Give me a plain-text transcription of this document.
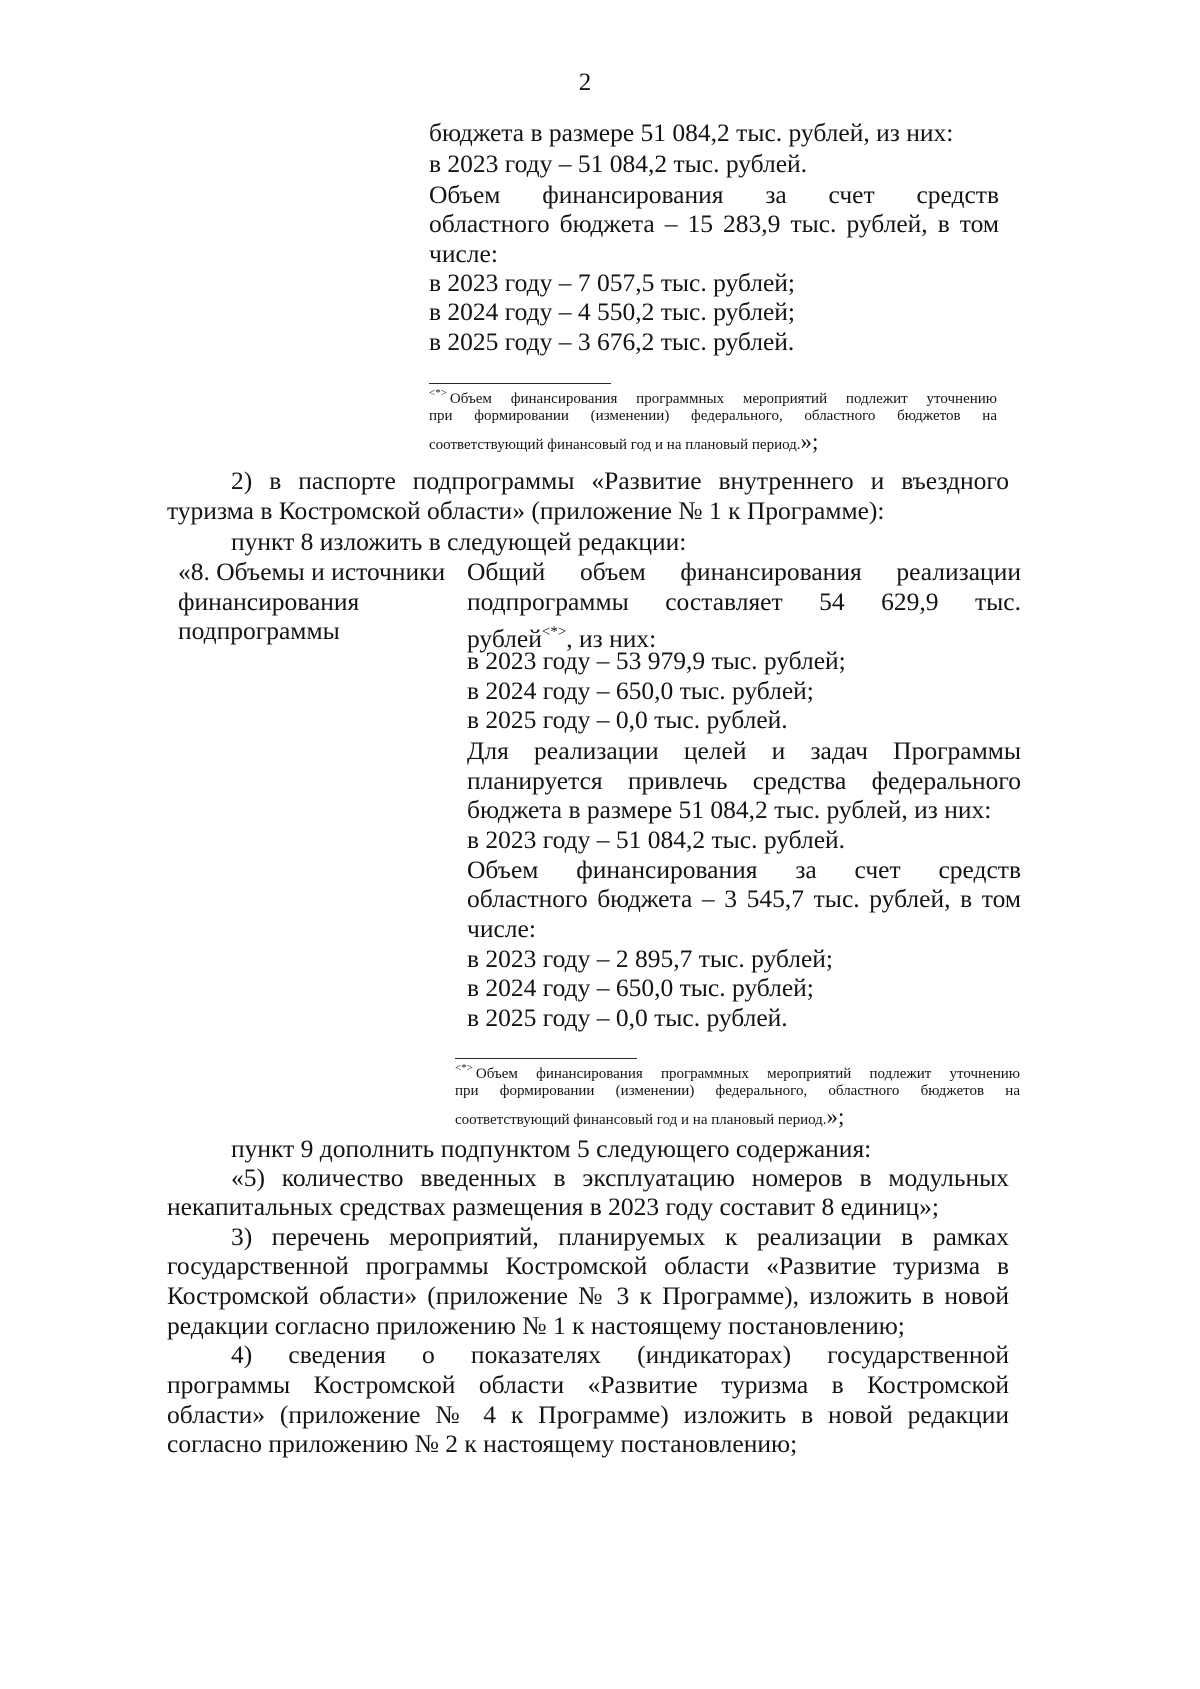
2
бюджета в размере 51 084,2 тыс. рублей, из них:
в 2023 году – 51 084,2 тыс. рублей.
Объем финансирования за счет средств
областного бюджета – 15 283,9 тыс. рублей, в том
числе:
в 2023 году – 7 057,5 тыс. рублей;
в 2024 году – 4 550,2 тыс. рублей;
в 2025 году – 3 676,2 тыс. рублей.
<*> Объем финансирования программных мероприятий подлежит уточнению
при формировании (изменении) федерального, областного бюджетов на
соответствующий финансовый год и на плановый период.»;
2) в паспорте подпрограммы «Развитие внутреннего и въездного
туризма в Костромской области» (приложение № 1 к Программе):
пункт 8 изложить в следующей редакции:
«8. Объемы и источники
финансирования
подпрограммы
Общий объем финансирования реализации
подпрограммы составляет 54 629,9 тыс.
рублей<*>, из них:
в 2023 году – 53 979,9 тыс. рублей;
в 2024 году – 650,0 тыс. рублей;
в 2025 году – 0,0 тыс. рублей.
Для реализации целей и задач Программы
планируется привлечь средства федерального
бюджета в размере 51 084,2 тыс. рублей, из них:
в 2023 году – 51 084,2 тыс. рублей.
Объем финансирования за счет средств
областного бюджета – 3 545,7 тыс. рублей, в том
числе:
в 2023 году – 2 895,7 тыс. рублей;
в 2024 году – 650,0 тыс. рублей;
в 2025 году – 0,0 тыс. рублей.
<*> Объем финансирования программных мероприятий подлежит уточнению
при формировании (изменении) федерального, областного бюджетов на
соответствующий финансовый год и на плановый период.»;
пункт 9 дополнить подпунктом 5 следующего содержания:
«5) количество введенных в эксплуатацию номеров в модульных
некапитальных средствах размещения в 2023 году составит 8 единиц»;
3) перечень мероприятий, планируемых к реализации в рамках
государственной программы Костромской области «Развитие туризма в
Костромской области» (приложение № 3 к Программе), изложить в новой
редакции согласно приложению № 1 к настоящему постановлению;
4) сведения о показателях (индикаторах) государственной
программы Костромской области «Развитие туризма в Костромской
области» (приложение № 4 к Программе) изложить в новой редакции
согласно приложению № 2 к настоящему постановлению;
